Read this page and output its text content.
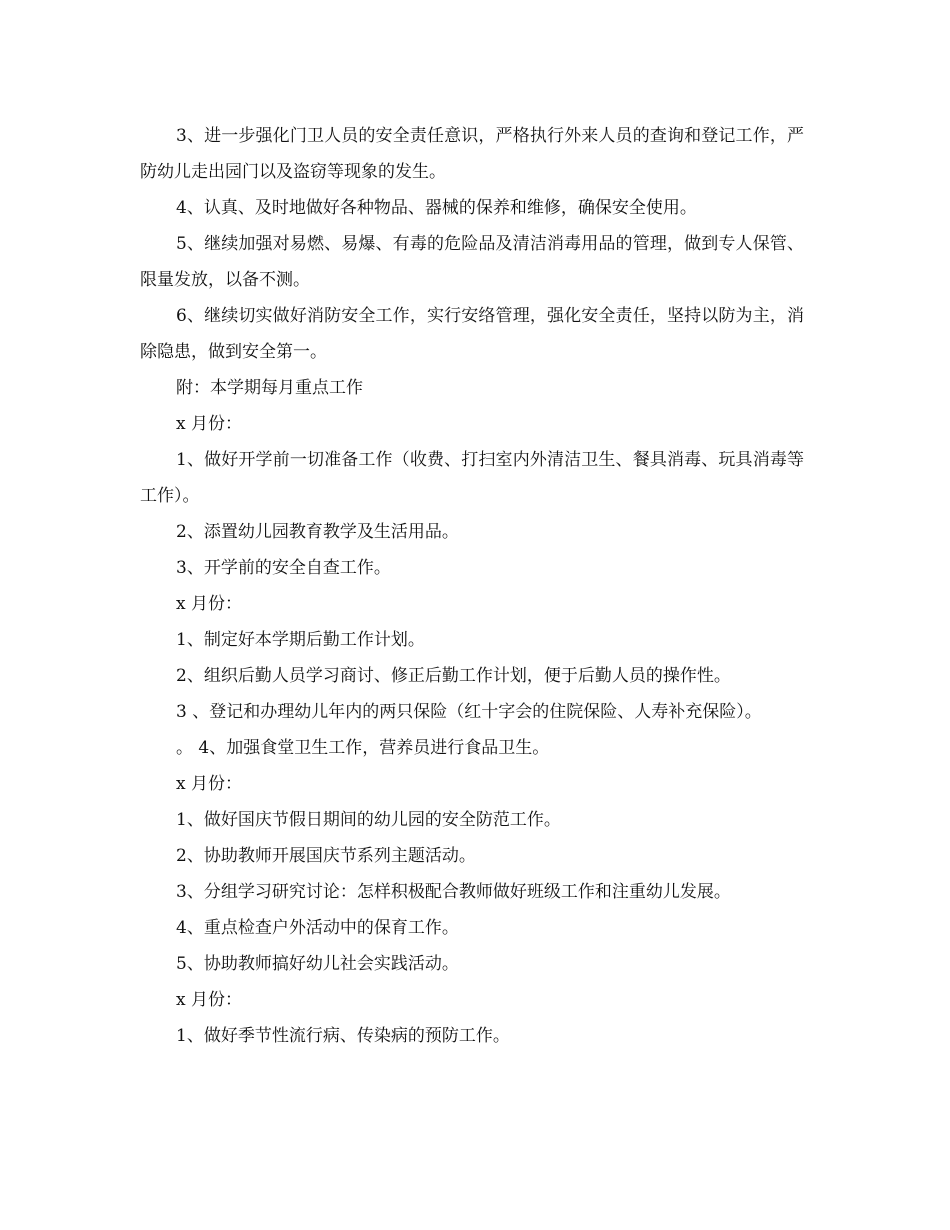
3、进一步强化门卫人员的安全责任意识，严格执行外来人员的查询和登记工作，严防幼儿走出园门以及盗窃等现象的发生。

4、认真、及时地做好各种物品、器械的保养和维修，确保安全使用。

5、继续加强对易燃、易爆、有毒的危险品及清洁消毒用品的管理，做到专人保管、限量发放，以备不测。

6、继续切实做好消防安全工作，实行安络管理，强化安全责任，坚持以防为主，消除隐患，做到安全第一。

附：本学期每月重点工作

x 月份：

1、做好开学前一切准备工作（收费、打扫室内外清洁卫生、餐具消毒、玩具消毒等工作）。

2、添置幼儿园教育教学及生活用品。

3、开学前的安全自查工作。

x 月份：

1、制定好本学期后勤工作计划。

2、组织后勤人员学习商讨、修正后勤工作计划，便于后勤人员的操作性。

3 、登记和办理幼儿年内的两只保险（红十字会的住院保险、人寿补充保险）。

。 4、加强食堂卫生工作，营养员进行食品卫生。

x 月份：

1、做好国庆节假日期间的幼儿园的安全防范工作。

2、协助教师开展国庆节系列主题活动。

3、分组学习研究讨论：怎样积极配合教师做好班级工作和注重幼儿发展。

4、重点检查户外活动中的保育工作。

5、协助教师搞好幼儿社会实践活动。

x 月份：

1、做好季节性流行病、传染病的预防工作。
